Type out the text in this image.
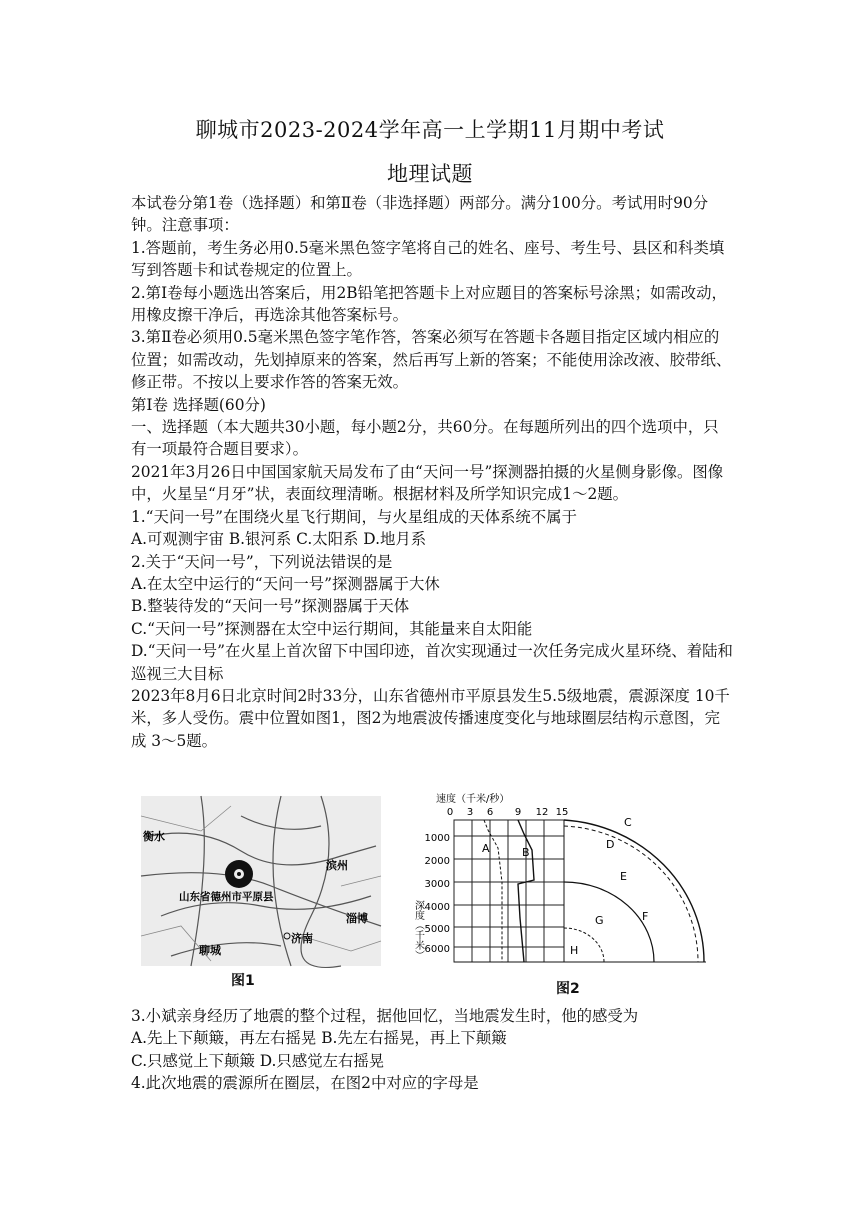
聊城市2023-2024学年高一上学期11月期中考试
地理试题

本试卷分第1卷（选择题）和第Ⅱ卷（非选择题）两部分。满分100分。考试用时90分钟。注意事项：

1.答题前，考生务必用0.5毫米黑色签字笔将自己的姓名、座号、考生号、县区和科类填写到答题卡和试卷规定的位置上。

2.第Ⅰ卷每小题选出答案后，用2B铅笔把答题卡上对应题目的答案标号涂黑；如需改动，用橡皮擦干净后，再选涂其他答案标号。

3.第Ⅱ卷必须用0.5毫米黑色签字笔作答，答案必须写在答题卡各题目指定区域内相应的位置；如需改动，先划掉原来的答案，然后再写上新的答案；不能使用涂改液、胶带纸、修正带。不按以上要求作答的答案无效。

第Ⅰ卷 选择题(60分)

一、选择题（本大题共30小题，每小题2分，共60分。在每题所列出的四个选项中，只有一项最符合题目要求）。

2021年3月26日中国国家航天局发布了由“天问一号”探测器拍摄的火星侧身影像。图像中，火星呈“月牙”状，表面纹理清晰。根据材料及所学知识完成1～2题。

1.“天问一号”在围绕火星飞行期间，与火星组成的天体系统不属于

A.可观测宇宙 B.银河系 C.太阳系 D.地月系

2.关于“天问一号”，下列说法错误的是

A.在太空中运行的“天问一号”探测器属于大休

B.整装待发的“天问一号”探测器属于天体

C.“天问一号”探测器在太空中运行期间，其能量来自太阳能

D.“天问一号”在火星上首次留下中国印迹，首次实现通过一次任务完成火星环绕、着陆和巡视三大目标

2023年8月6日北京时间2时33分，山东省德州市平原县发生5.5级地震，震源深度 10千米，多人受伤。震中位置如图1，图2为地震波传播速度变化与地球圈层结构示意图，完成 3～5题。

衡水
滨州
山东省德州市平原县
淄博
聊城
济南
图1
速度（千米/秒）
0 3 6 9 12 15
1000
2000
3000
4000
5000
6000
深度（千米）
A	B
C
D
E
F
G
H
图2

3.小斌亲身经历了地震的整个过程，据他回忆，当地震发生时，他的感受为

A.先上下颠簸，再左右摇晃 B.先左右摇晃，再上下颠簸

C.只感觉上下颠簸 D.只感觉左右摇晃

4.此次地震的震源所在圈层，在图2中对应的字母是
